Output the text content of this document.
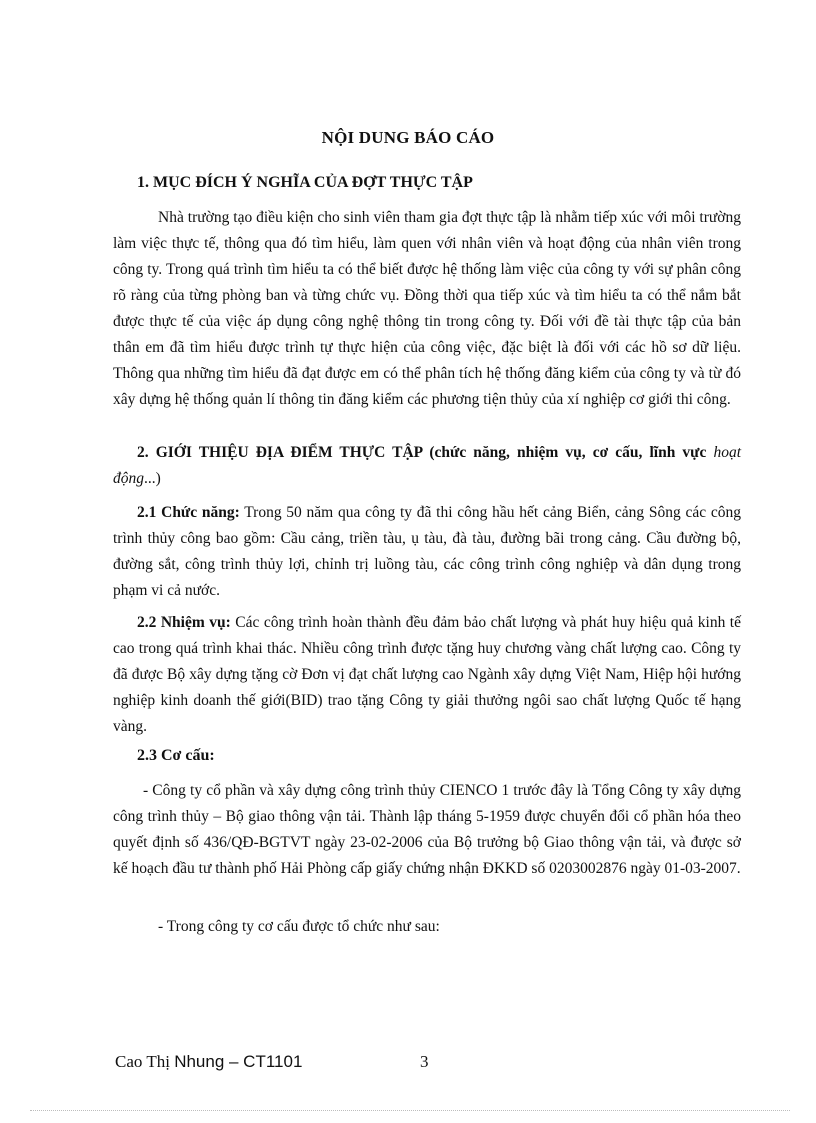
NỘI DUNG BÁO CÁO
1. MỤC ĐÍCH Ý NGHĨA CỦA ĐỢT THỰC TẬP
Nhà trường tạo điều kiện cho sinh viên tham gia đợt thực tập là nhằm tiếp xúc với môi trường làm việc thực tế, thông qua đó tìm hiểu, làm quen với nhân viên và hoạt động của nhân viên trong công ty. Trong quá trình tìm hiểu ta có thể biết được hệ thống làm việc của công ty với sự phân công rõ ràng của từng phòng ban và từng chức vụ. Đồng thời qua tiếp xúc và tìm hiểu ta có thể nắm bắt được thực tế của việc áp dụng công nghệ thông tin trong công ty. Đối với đề tài thực tập của bản thân em đã tìm hiểu được trình tự thực hiện của công việc, đặc biệt là đối với các hồ sơ dữ liệu. Thông qua những tìm hiểu đã đạt được em có thể phân tích hệ thống đăng kiểm của công ty và từ đó xây dựng hệ thống quản lí thông tin đăng kiểm các phương tiện thủy của xí nghiệp cơ giới thi công.
2. GIỚI THIỆU ĐỊA ĐIỂM THỰC TẬP (chức năng, nhiệm vụ, cơ cấu, lĩnh vực hoạt động...)
2.1 Chức năng: Trong 50 năm qua công ty đã thi công hầu hết cảng Biển, cảng Sông các công trình thủy công bao gồm: Cầu cảng, triền tàu, ụ tàu, đà tàu, đường bãi trong cảng. Cầu đường bộ, đường sắt, công trình thủy lợi, chỉnh trị luồng tàu, các công trình công nghiệp và dân dụng trong phạm vi cả nước.
2.2 Nhiệm vụ: Các công trình hoàn thành đều đảm bảo chất lượng và phát huy hiệu quả kinh tế cao trong quá trình khai thác. Nhiều công trình được tặng huy chương vàng chất lượng cao. Công ty đã được Bộ xây dựng tặng cờ Đơn vị đạt chất lượng cao Ngành xây dựng Việt Nam, Hiệp hội hướng nghiệp kinh doanh thế giới(BID) trao tặng Công ty giải thưởng ngôi sao chất lượng Quốc tế hạng vàng.
2.3 Cơ cấu:
- Công ty cổ phần và xây dựng công trình thủy CIENCO 1 trước đây là Tổng Công ty xây dựng công trình thủy – Bộ giao thông vận tải. Thành lập tháng 5-1959 được chuyển đổi cổ phần hóa theo quyết định số 436/QĐ-BGTVT ngày 23-02-2006 của Bộ trưởng bộ Giao thông vận tải, và được sở kế hoạch đầu tư thành phố Hải Phòng cấp giấy chứng nhận ĐKKD số 0203002876 ngày 01-03-2007.
- Trong công ty cơ cấu được tổ chức như sau:
Cao Thị Nhung – CT1101	3
